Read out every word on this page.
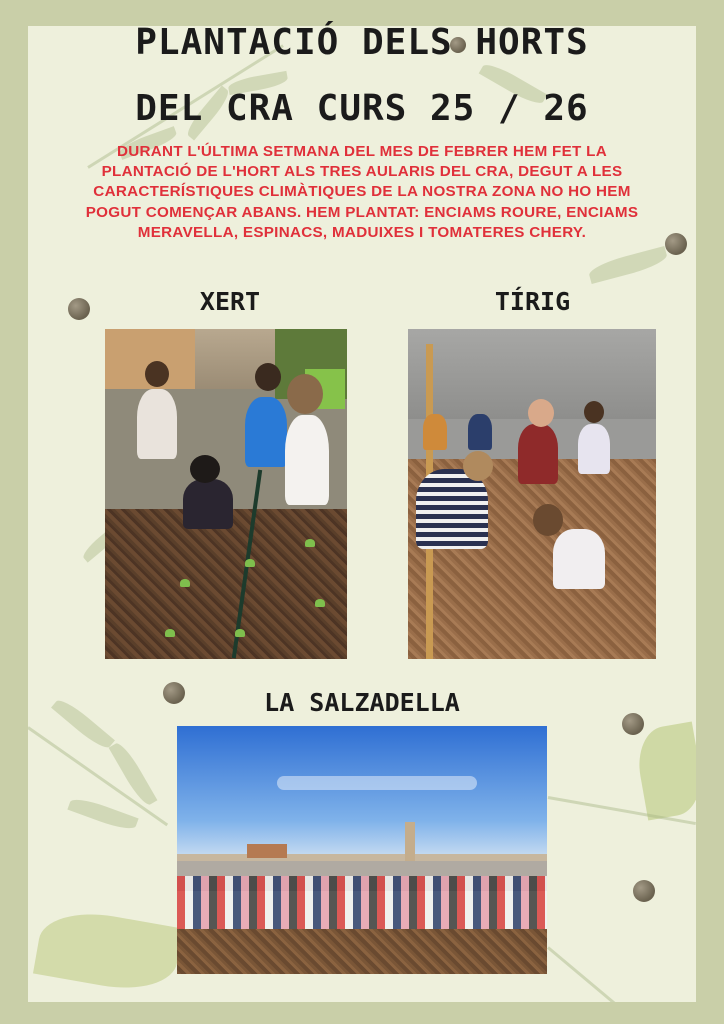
PLANTACIÓ DELS HORTS
DEL CRA CURS 25 / 26
DURANT L'ÚLTIMA SETMANA DEL MES DE FEBRER HEM FET LA PLANTACIÓ DE L'HORT ALS TRES AULARIS DEL CRA, DEGUT A LES CARACTERÍSTIQUES CLIMÀTIQUES DE LA NOSTRA ZONA NO HO HEM POGUT COMENÇAR ABANS. HEM PLANTAT: ENCIAMS ROURE, ENCIAMS MERAVELLA, ESPINACS, MADUIXES I TOMATERES CHERY.
XERT	TÍRIG
LA SALZADELLA
